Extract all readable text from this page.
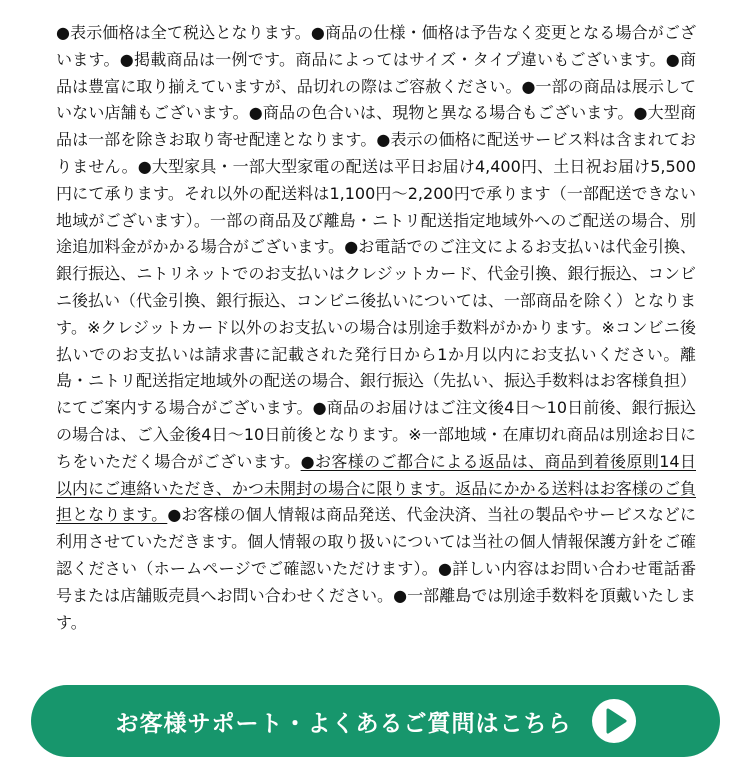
●表示価格は全て税込となります。●商品の仕様・価格は予告なく変更となる場合がございます。●掲載商品は一例です。商品によってはサイズ・タイプ違いもございます。●商品は豊富に取り揃えていますが、品切れの際はご容赦ください。●一部の商品は展示していない店舗もございます。●商品の色合いは、現物と異なる場合もございます。●大型商品は一部を除きお取り寄せ配達となります。●表示の価格に配送サービス料は含まれておりません。●大型家具・一部大型家電の配送は平日お届け4,400円、土日祝お届け5,500円にて承ります。それ以外の配送料は1,100円～2,200円で承ります（一部配送できない地域がございます）。一部の商品及び離島・ニトリ配送指定地域外へのご配送の場合、別途追加料金がかかる場合がございます。●お電話でのご注文によるお支払いは代金引換、銀行振込、ニトリネットでのお支払いはクレジットカード、代金引換、銀行振込、コンビニ後払い（代金引換、銀行振込、コンビニ後払いについては、一部商品を除く）となります。※クレジットカード以外のお支払いの場合は別途手数料がかかります。※コンビニ後払いでのお支払いは請求書に記載された発行日から1か月以内にお支払いください。離島・ニトリ配送指定地域外の配送の場合、銀行振込（先払い、振込手数料はお客様負担）にてご案内する場合がございます。●商品のお届けはご注文後4日～10日前後、銀行振込の場合は、ご入金後4日～10日前後となります。※一部地域・在庫切れ商品は別途お日にちをいただく場合がございます。●お客様のご都合による返品は、商品到着後原則14日以内にご連絡いただき、かつ未開封の場合に限ります。返品にかかる送料はお客様のご負担となります。●お客様の個人情報は商品発送、代金決済、当社の製品やサービスなどに利用させていただきます。個人情報の取り扱いについては当社の個人情報保護方針をご確認ください（ホームページでご確認いただけます）。●詳しい内容はお問い合わせ電話番号または店舗販売員へお問い合わせください。●一部離島では別途手数料を頂戴いたします。

お客様サポート・よくあるご質問はこちら
